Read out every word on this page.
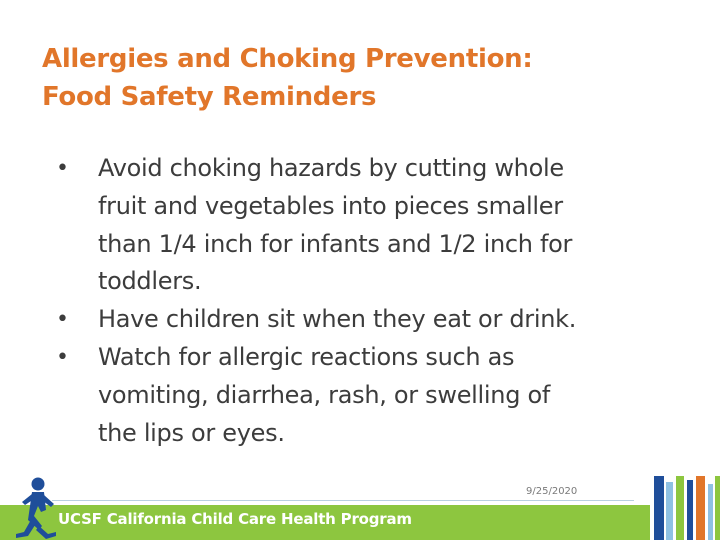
Allergies and Choking Prevention:
Food Safety Reminders
• Avoid choking hazards by cutting whole
fruit and vegetables into pieces smaller
than 1/4 inch for infants and 1/2 inch for
toddlers.
• Have children sit when they eat or drink.
• Watch for allergic reactions such as
vomiting, diarrhea, rash, or swelling of
the lips or eyes.
9/25/2020
UCSF California Child Care Health Program
